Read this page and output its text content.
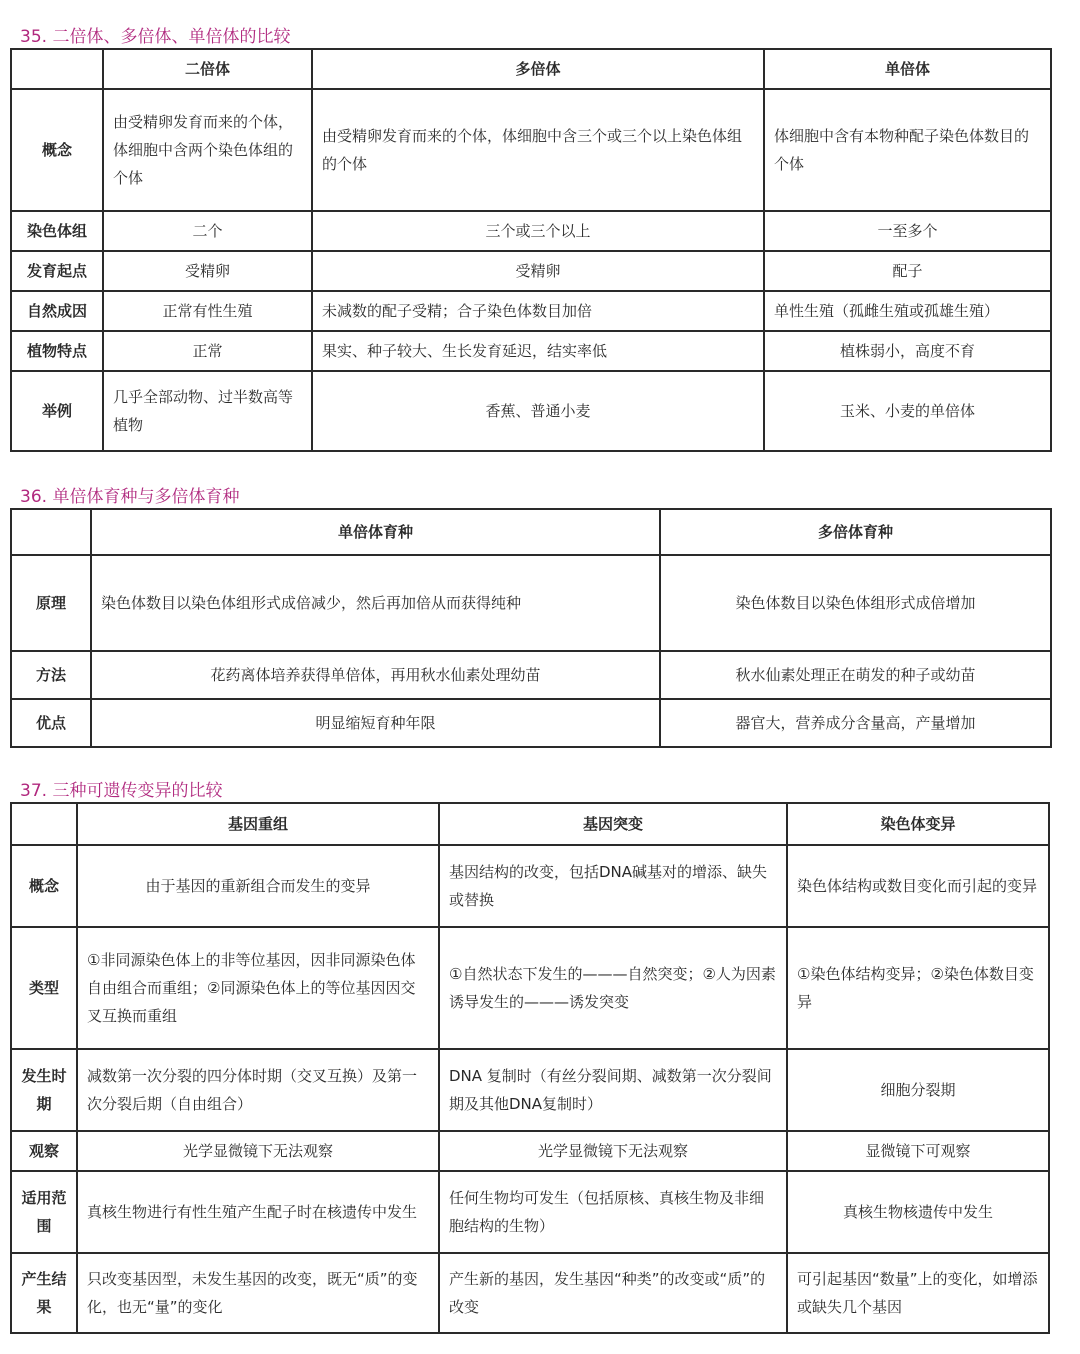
35. 二倍体、多倍体、单倍体的比较
	二倍体	多倍体	单倍体
概念	由受精卵发育而来的个体，体细胞中含两个染色体组的个体	由受精卵发育而来的个体，体细胞中含三个或三个以上染色体组的个体	体细胞中含有本物种配子染色体数目的个体
染色体组	二个	三个或三个以上	一至多个
发育起点	受精卵	受精卵	配子
自然成因	正常有性生殖	未减数的配子受精；合子染色体数目加倍	单性生殖（孤雌生殖或孤雄生殖）
植物特点	正常	果实、种子较大、生长发育延迟，结实率低	植株弱小，高度不育
举例	几乎全部动物、过半数高等植物	香蕉、普通小麦	玉米、小麦的单倍体
36. 单倍体育种与多倍体育种
	单倍体育种	多倍体育种
原理	染色体数目以染色体组形式成倍减少，然后再加倍从而获得纯种	染色体数目以染色体组形式成倍增加
方法	花药离体培养获得单倍体，再用秋水仙素处理幼苗	秋水仙素处理正在萌发的种子或幼苗
优点	明显缩短育种年限	器官大，营养成分含量高，产量增加
37. 三种可遗传变异的比较
	基因重组	基因突变	染色体变异
概念	由于基因的重新组合而发生的变异	基因结构的改变，包括DNA碱基对的增添、缺失或替换	染色体结构或数目变化而引起的变异
类型	①非同源染色体上的非等位基因，因非同源染色体自由组合而重组；②同源染色体上的等位基因因交叉互换而重组	①自然状态下发生的———自然突变；②人为因素诱导发生的———诱发突变	①染色体结构变异；②染色体数目变异
发生时期	减数第一次分裂的四分体时期（交叉互换）及第一次分裂后期（自由组合）	DNA 复制时（有丝分裂间期、减数第一次分裂间期及其他DNA复制时）	细胞分裂期
观察	光学显微镜下无法观察	光学显微镜下无法观察	显微镜下可观察
适用范围	真核生物进行有性生殖产生配子时在核遗传中发生	任何生物均可发生（包括原核、真核生物及非细胞结构的生物）	真核生物核遗传中发生
产生结果	只改变基因型，未发生基因的改变，既无“质”的变化，也无“量”的变化	产生新的基因，发生基因“种类”的改变或“质”的改变	可引起基因“数量”上的变化，如增添或缺失几个基因
